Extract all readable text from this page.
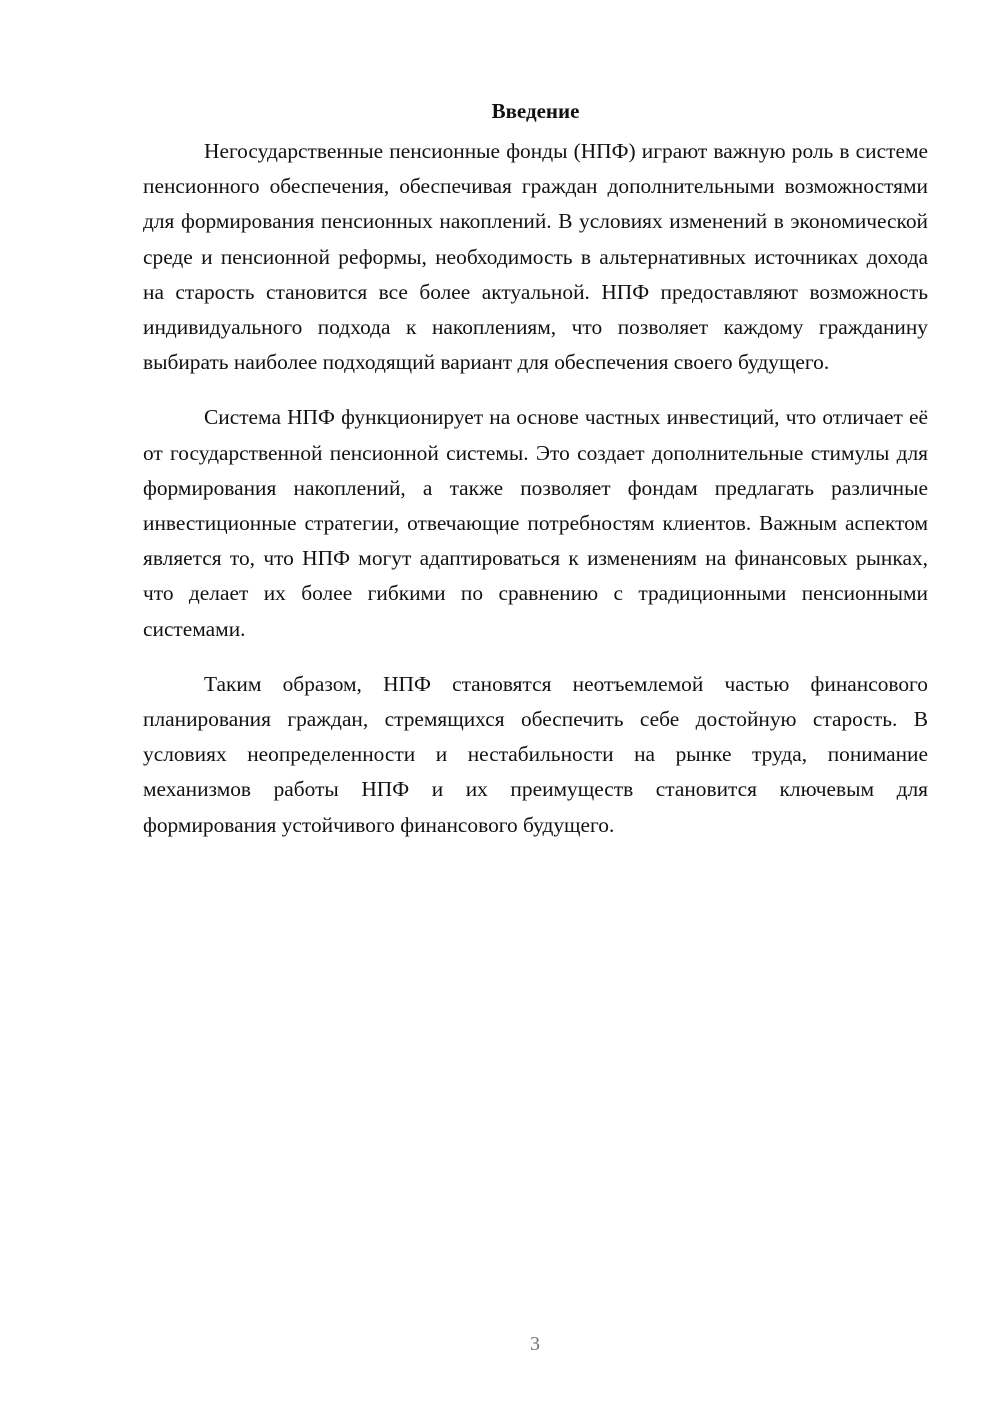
Введение

Негосударственные пенсионные фонды (НПФ) играют важную роль в системе пенсионного обеспечения, обеспечивая граждан дополнительными возможностями для формирования пенсионных накоплений. В условиях изменений в экономической среде и пенсионной реформы, необходимость в альтернативных источниках дохода на старость становится все более актуальной. НПФ предоставляют возможность индивидуального подхода к накоплениям, что позволяет каждому гражданину выбирать наиболее подходящий вариант для обеспечения своего будущего.

Система НПФ функционирует на основе частных инвестиций, что отличает её от государственной пенсионной системы. Это создает дополнительные стимулы для формирования накоплений, а также позволяет фондам предлагать различные инвестиционные стратегии, отвечающие потребностям клиентов. Важным аспектом является то, что НПФ могут адаптироваться к изменениям на финансовых рынках, что делает их более гибкими по сравнению с традиционными пенсионными системами.

Таким образом, НПФ становятся неотъемлемой частью финансового планирования граждан, стремящихся обеспечить себе достойную старость. В условиях неопределенности и нестабильности на рынке труда, понимание механизмов работы НПФ и их преимуществ становится ключевым для формирования устойчивого финансового будущего.

3
